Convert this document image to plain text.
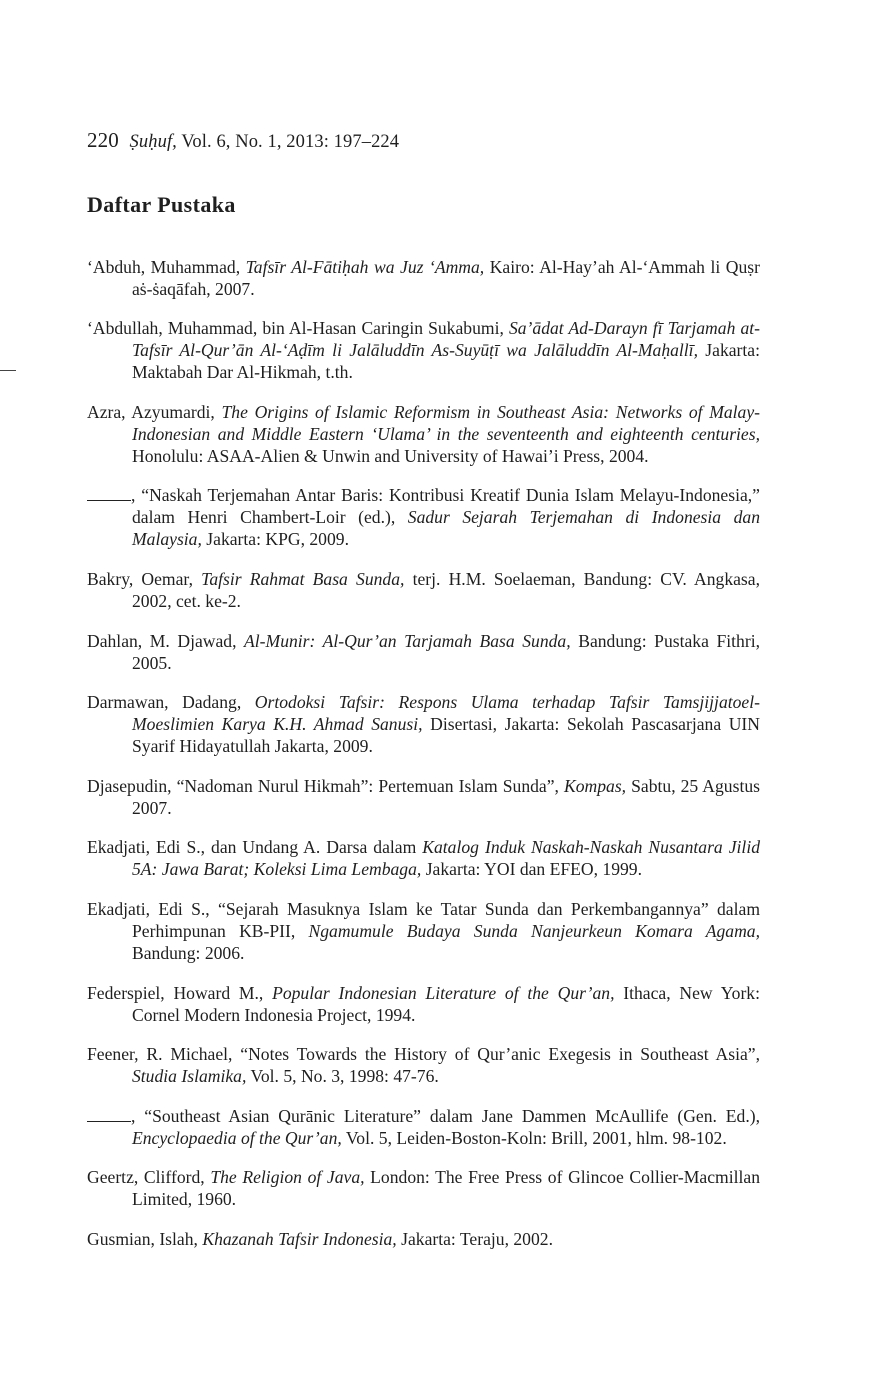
220 Ṣuḥuf, Vol. 6, No. 1, 2013: 197–224
Daftar Pustaka

‘Abduh, Muhammad, Tafsīr Al-Fātiḥah wa Juz ‘Amma, Kairo: Al-Hay’ah Al-‘Ammah li Quṣr aṡ-ṡaqāfah, 2007.

‘Abdullah, Muhammad, bin Al-Hasan Caringin Sukabumi, Sa’ādat Ad-Darayn fī Tarjamah at-Tafsīr Al-Qur’ān Al-‘Aḍīm li Jalāluddīn As-Suyūṭī wa Jalāluddīn Al-Maḥallī, Jakarta: Maktabah Dar Al-Hikmah, t.th.

Azra, Azyumardi, The Origins of Islamic Reformism in Southeast Asia: Networks of Malay-Indonesian and Middle Eastern ‘Ulama’ in the seventeenth and eighteenth centuries, Honolulu: ASAA-Alien & Unwin and University of Hawai’i Press, 2004.

, “Naskah Terjemahan Antar Baris: Kontribusi Kreatif Dunia Islam Melayu-Indonesia,” dalam Henri Chambert-Loir (ed.), Sadur Sejarah Terjemahan di Indonesia dan Malaysia, Jakarta: KPG, 2009.

Bakry, Oemar, Tafsir Rahmat Basa Sunda, terj. H.M. Soelaeman, Bandung: CV. Angkasa, 2002, cet. ke-2.

Dahlan, M. Djawad, Al-Munir: Al-Qur’an Tarjamah Basa Sunda, Bandung: Pustaka Fithri, 2005.

Darmawan, Dadang, Ortodoksi Tafsir: Respons Ulama terhadap Tafsir Tamsjijjatoel-Moeslimien Karya K.H. Ahmad Sanusi, Disertasi, Jakarta: Sekolah Pascasarjana UIN Syarif Hidayatullah Jakarta, 2009.

Djasepudin, “Nadoman Nurul Hikmah”: Pertemuan Islam Sunda”, Kompas, Sabtu, 25 Agustus 2007.

Ekadjati, Edi S., dan Undang A. Darsa dalam Katalog Induk Naskah-Naskah Nusantara Jilid 5A: Jawa Barat; Koleksi Lima Lembaga, Jakarta: YOI dan EFEO, 1999.

Ekadjati, Edi S., “Sejarah Masuknya Islam ke Tatar Sunda dan Perkembangannya” dalam Perhimpunan KB-PII, Ngamumule Budaya Sunda Nanjeurkeun Komara Agama, Bandung: 2006.

Federspiel, Howard M., Popular Indonesian Literature of the Qur’an, Ithaca, New York: Cornel Modern Indonesia Project, 1994.

Feener, R. Michael, “Notes Towards the History of Qur’anic Exegesis in Southeast Asia”, Studia Islamika, Vol. 5, No. 3, 1998: 47-76.

, “Southeast Asian Qurānic Literature” dalam Jane Dammen McAullife (Gen. Ed.), Encyclopaedia of the Qur’an, Vol. 5, Leiden-Boston-Koln: Brill, 2001, hlm. 98-102.

Geertz, Clifford, The Religion of Java, London: The Free Press of Glincoe Collier-Macmillan Limited, 1960.

Gusmian, Islah, Khazanah Tafsir Indonesia, Jakarta: Teraju, 2002.
